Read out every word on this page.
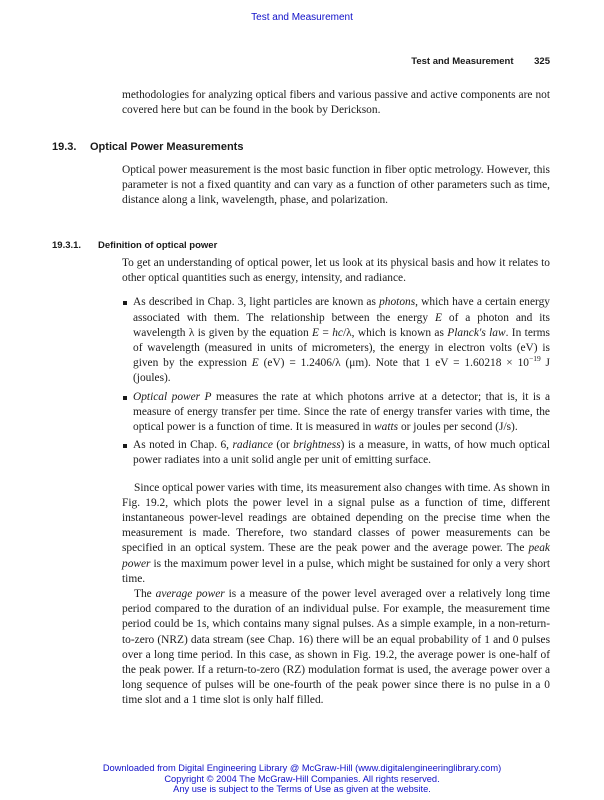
Test and Measurement
Test and Measurement 325

methodologies for analyzing optical fibers and various passive and active components are not covered here but can be found in the book by Derickson.

19.3. Optical Power Measurements

Optical power measurement is the most basic function in fiber optic metrology. However, this parameter is not a fixed quantity and can vary as a function of other parameters such as time, distance along a link, wavelength, phase, and polarization.

19.3.1. Definition of optical power

To get an understanding of optical power, let us look at its physical basis and how it relates to other optical quantities such as energy, intensity, and radiance.

As described in Chap. 3, light particles are known as photons, which have a certain energy associated with them. The relationship between the energy E of a photon and its wavelength λ is given by the equation E = hc/λ, which is known as Planck's law. In terms of wavelength (measured in units of micrometers), the energy in electron volts (eV) is given by the expression E (eV) = 1.2406/λ (μm). Note that 1 eV = $1.60218 \times 10^{-19}$ J (joules).
Optical power P measures the rate at which photons arrive at a detector; that is, it is a measure of energy transfer per time. Since the rate of energy transfer varies with time, the optical power is a function of time. It is measured in watts or joules per second (J/s).
As noted in Chap. 6, radiance (or brightness) is a measure, in watts, of how much optical power radiates into a unit solid angle per unit of emitting surface.

Since optical power varies with time, its measurement also changes with time. As shown in Fig. 19.2, which plots the power level in a signal pulse as a function of time, different instantaneous power-level readings are obtained depending on the precise time when the measurement is made. Therefore, two standard classes of power measurements can be specified in an optical system. These are the peak power and the average power. The peak power is the maximum power level in a pulse, which might be sustained for only a very short time.

The average power is a measure of the power level averaged over a relatively long time period compared to the duration of an individual pulse. For example, the measurement time period could be 1s, which contains many signal pulses. As a simple example, in a non-return-to-zero (NRZ) data stream (see Chap. 16) there will be an equal probability of 1 and 0 pulses over a long time period. In this case, as shown in Fig. 19.2, the average power is one-half of the peak power. If a return-to-zero (RZ) modulation format is used, the average power over a long sequence of pulses will be one-fourth of the peak power since there is no pulse in a 0 time slot and a 1 time slot is only half filled.

Downloaded from Digital Engineering Library @ McGraw-Hill (www.digitalengineeringlibrary.com)
Copyright © 2004 The McGraw-Hill Companies. All rights reserved.
Any use is subject to the Terms of Use as given at the website.
